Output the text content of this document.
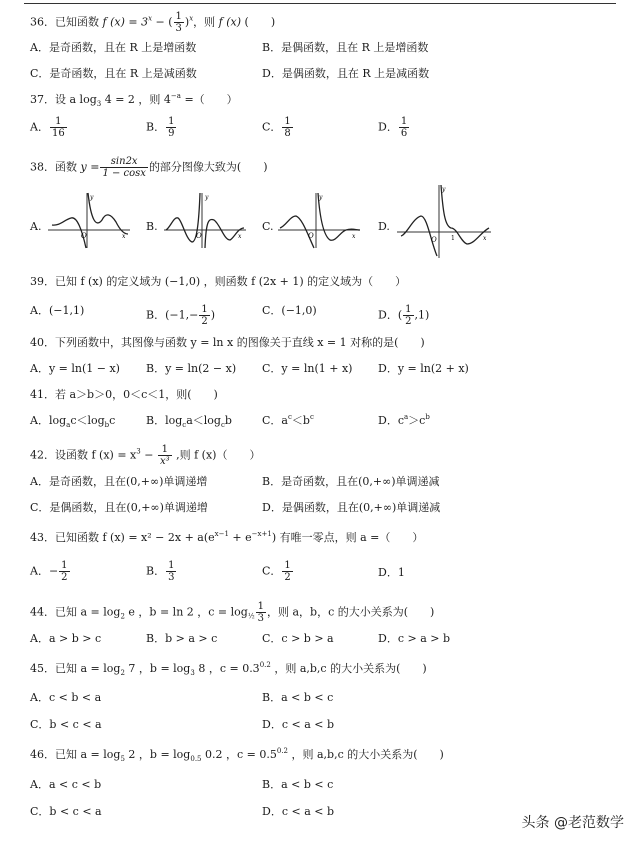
36．已知函数 f $(x) = 3^x$ − ( $\frac{1}{3} )^x$，则 f (x) (　　)
A．是奇函数，且在 R 上是增函数	B．是偶函数，且在 R 上是增函数
C．是奇函数，且在 R 上是减函数	D．是偶函数，且在 R 上是减函数
37．设 a $\log_3 4 = 2$ ，则 $4^{-a}$ =（　　）
A． $\frac{1}{16}$	B． $\frac{1}{9}$	C． $\frac{1}{8}$	D． $\frac{1}{6}$
38．函数 $y = \frac{\sin 2x}{1 - \cos x}$ 的部分图像大致为(　　)
A.
y
O	x
B.
y
O	x
C.
y
O	x
D.
y
O 1	x
39．已知 f (x) 的定义域为 (−1,0) ，则函数 f (2x + 1) 的定义域为（　　）
A．(−1,1)	B．($-1,- \frac{1}{2}$ )	C．(−1,0)	D．( $\frac{1}{2} ,1$)
40．下列函数中，其图像与函数 y = ln x 的图像关于直线 x = 1 对称的是(　　)
A．y = ln(1 − x) B．y = ln(2 − x) C．y = ln(1 + x) D．y = ln(2 + x)
41．若 a＞b＞0，0＜c＜1，则(　　)
A．$\log_ac<\log_bc$	B．$\log_ca<\log_cb$	C．$a^c<b^c$	D．$c^a>c^b$
42．设函数 f $(x) = x^3 - \frac{1}{\text{x³}}$ ,则 f (x)（　　）
A．是奇函数，且在(0,+∞)单调递增	B．是奇函数，且在(0,+∞)单调递减
C．是偶函数，且在(0,+∞)单调递增	D．是偶函数，且在(0,+∞)单调递减
43．已知函数 f $(x) = x^2 - 2x + a(e^{x-1} + e^{-x+1})$ 有唯一零点，则 a =（　　）
A．− $\frac{1}{2}$	B． $\frac{1}{3}$	C． $\frac{1}{2}$	D．1
44．已知 $a = \log_2 e$ ，b = ln 2 ，$c = \log_{\frac{1}{2}} \frac{1}{3}$ ，则 a，b，c 的大小关系为(　　)
A．a > b > c	B．b > a > c	C．c > b > a	D．c > a > b
45．已知 $a = \log_2 7$ ，$b = \log_3 8$ ，$c = 0.3^{0.2}$ ，则 a,b,c 的大小关系为(　　)
A．c < b < a	B．a < b < c
C．b < c < a	D．c < a < b
46．已知 $a = \log_5 2$ ，$b = \log_{0.5} 0.2$ ，$c = 0.5^{0.2}$ ，则 a,b,c 的大小关系为(　　)
A．a < c < b	B．a < b < c
C．b < c < a	D．c < a < b
头条 @老范数学
